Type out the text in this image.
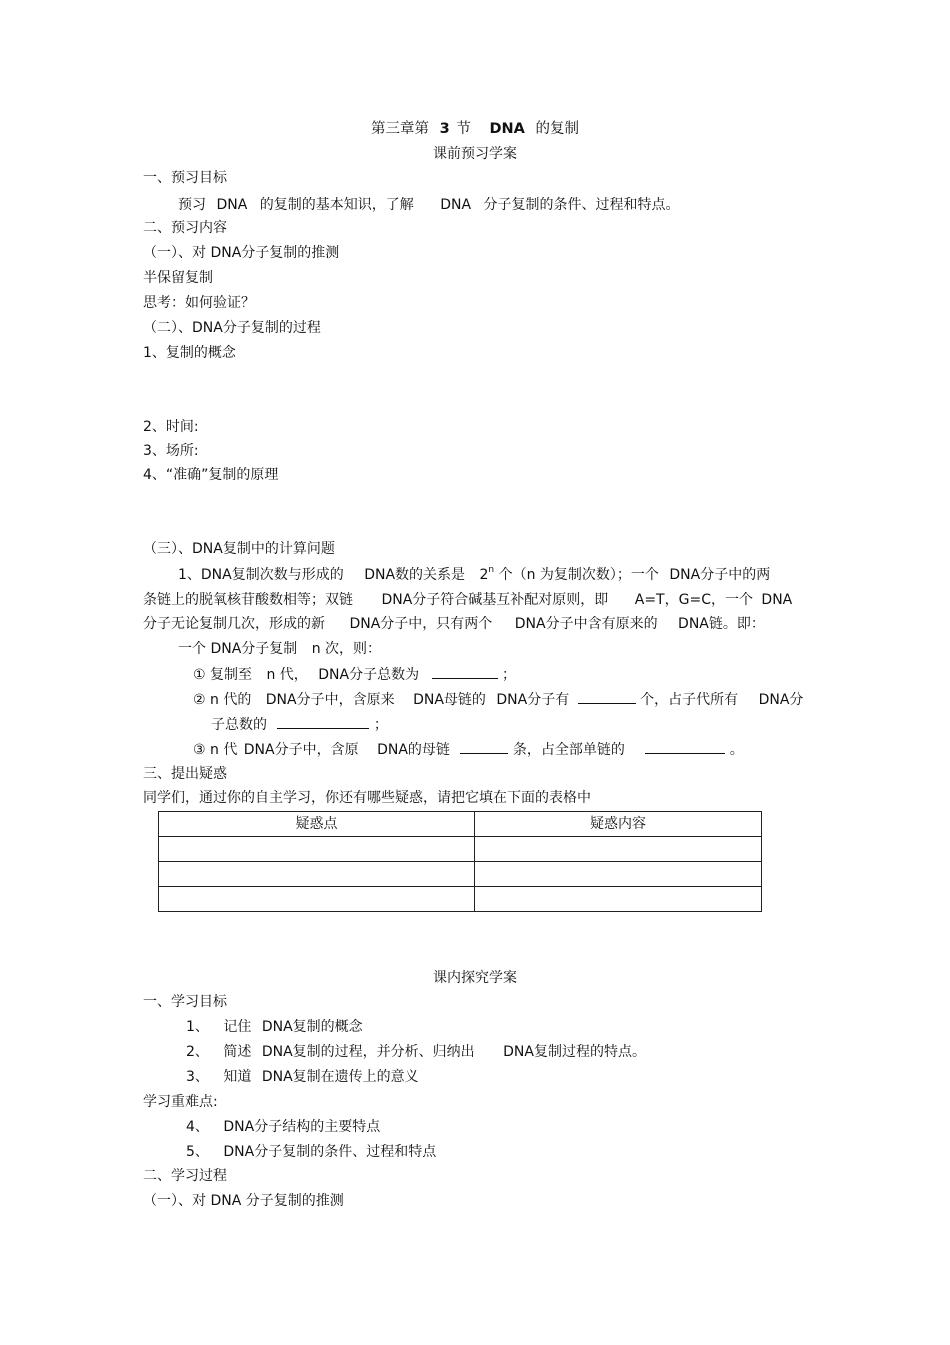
第三章第 3 节 DNA 的复制
课前预习学案
一、预习目标
预习 DNA 的复制的基本知识，了解 DNA 分子复制的条件、过程和特点。
二、预习内容
（一）、对 DNA分子复制的推测
半保留复制
思考：如何验证？
（二）、DNA分子复制的过程
1、复制的概念
2、时间:
3、场所:
4、“准确”复制的原理
（三）、DNA复制中的计算问题
1、DNA复制次数与形成的 DNA数的关系是 2$^n$ 个（n 为复制次数）；一个 DNA分子中的两
条链上的脱氧核苷酸数相等；双链 DNA分子符合碱基互补配对原则，即 A=T，G=C，一个 DNA
分子无论复制几次，形成的新 DNA分子中，只有两个 DNA分子中含有原来的 DNA链。即：
一个 DNA分子复制 n 次，则：
① 复制至 n 代， DNA分子总数为	；
② n 代的 DNA分子中，含原来 DNA母链的 DNA分子有	个，占子代所有 DNA分
子总数的	；
③ n 代 DNA分子中，含原 DNA的母链	条，占全部单链的	。
三、提出疑惑
同学们，通过你的自主学习，你还有哪些疑惑，请把它填在下面的表格中
疑惑点	疑惑内容

课内探究学案
一、学习目标
1、 记住 DNA复制的概念
2、 简述 DNA复制的过程，并分析、归纳出 DNA复制过程的特点。
3、 知道 DNA复制在遗传上的意义
学习重难点:
4、 DNA分子结构的主要特点
5、 DNA分子复制的条件、过程和特点
二、学习过程
（一）、对 DNA 分子复制的推测
